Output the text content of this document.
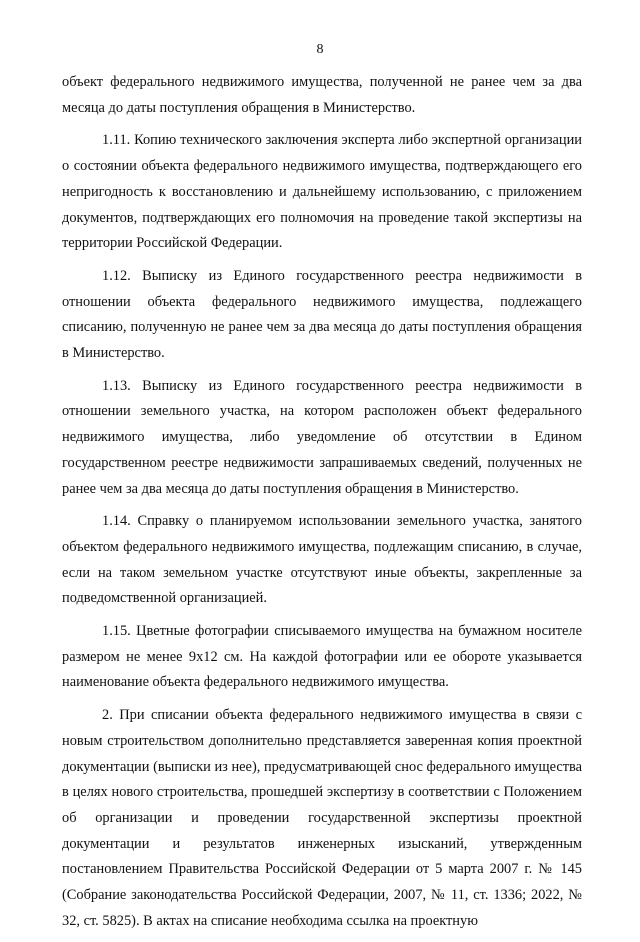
8

объект федерального недвижимого имущества, полученной не ранее чем за два месяца до даты поступления обращения в Министерство.

1.11. Копию технического заключения эксперта либо экспертной организации о состоянии объекта федерального недвижимого имущества, подтверждающего его непригодность к восстановлению и дальнейшему использованию, с приложением документов, подтверждающих его полномочия на проведение такой экспертизы на территории Российской Федерации.

1.12. Выписку из Единого государственного реестра недвижимости в отношении объекта федерального недвижимого имущества, подлежащего списанию, полученную не ранее чем за два месяца до даты поступления обращения в Министерство.

1.13. Выписку из Единого государственного реестра недвижимости в отношении земельного участка, на котором расположен объект федерального недвижимого имущества, либо уведомление об отсутствии в Едином государственном реестре недвижимости запрашиваемых сведений, полученных не ранее чем за два месяца до даты поступления обращения в Министерство.

1.14. Справку о планируемом использовании земельного участка, занятого объектом федерального недвижимого имущества, подлежащим списанию, в случае, если на таком земельном участке отсутствуют иные объекты, закрепленные за подведомственной организацией.

1.15. Цветные фотографии списываемого имущества на бумажном носителе размером не менее 9x12 см. На каждой фотографии или ее обороте указывается наименование объекта федерального недвижимого имущества.

2. При списании объекта федерального недвижимого имущества в связи с новым строительством дополнительно представляется заверенная копия проектной документации (выписки из нее), предусматривающей снос федерального имущества в целях нового строительства, прошедшей экспертизу в соответствии с Положением об организации и проведении государственной экспертизы проектной документации и результатов инженерных изысканий, утвержденным постановлением Правительства Российской Федерации от 5 марта 2007 г. № 145 (Собрание законодательства Российской Федерации, 2007, № 11, ст. 1336; 2022, № 32, ст. 5825). В актах на списание необходима ссылка на проектную
